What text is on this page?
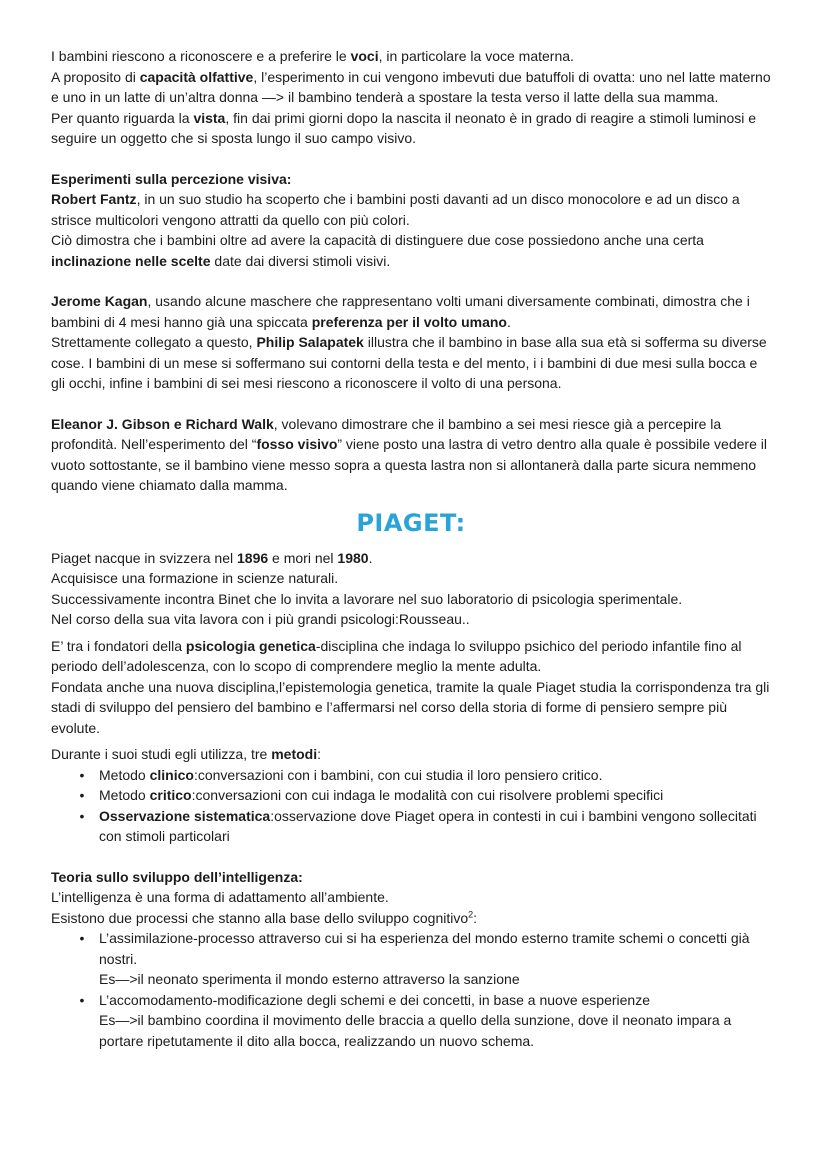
I bambini riescono a riconoscere e a preferire le voci, in particolare la voce materna.

A proposito di capacità olfattive, l’esperimento in cui vengono imbevuti due batuffoli di ovatta: uno nel latte materno e uno in un latte di un’altra donna —> il bambino tenderà a spostare la testa verso il latte della sua mamma.

Per quanto riguarda la vista, fin dai primi giorni dopo la nascita il neonato è in grado di reagire a stimoli luminosi e seguire un oggetto che si sposta lungo il suo campo visivo.

Esperimenti sulla percezione visiva:

Robert Fantz, in un suo studio ha scoperto che i bambini posti davanti ad un disco monocolore e ad un disco a strisce multicolori vengono attratti da quello con più colori.

Ciò dimostra che i bambini oltre ad avere la capacità di distinguere due cose possiedono anche una certa inclinazione nelle scelte date dai diversi stimoli visivi.

Jerome Kagan, usando alcune maschere che rappresentano volti umani diversamente combinati, dimostra che i bambini di 4 mesi hanno già una spiccata preferenza per il volto umano.

Strettamente collegato a questo, Philip Salapatek illustra che il bambino in base alla sua età si sofferma su diverse cose. I bambini di un mese si soffermano sui contorni della testa e del mento, i i bambini di due mesi sulla bocca e gli occhi, infine i bambini di sei mesi riescono a riconoscere il volto di una persona.

Eleanor J. Gibson e Richard Walk, volevano dimostrare che il bambino a sei mesi riesce già a percepire la profondità. Nell’esperimento del “fosso visivo” viene posto una lastra di vetro dentro alla quale è possibile vedere il vuoto sottostante, se il bambino viene messo sopra a questa lastra non si allontanerà dalla parte sicura nemmeno quando viene chiamato dalla mamma.

PIAGET:

Piaget nacque in svizzera nel 1896 e mori nel 1980.

Acquisisce una formazione in scienze naturali.

Successivamente incontra Binet che lo invita a lavorare nel suo laboratorio di psicologia sperimentale.

Nel corso della sua vita lavora con i più grandi psicologi:Rousseau..

E’ tra i fondatori della psicologia genetica-disciplina che indaga lo sviluppo psichico del periodo infantile fino al periodo dell’adolescenza, con lo scopo di comprendere meglio la mente adulta.

Fondata anche una nuova disciplina,l’epistemologia genetica, tramite la quale Piaget studia la corrispondenza tra gli stadi di sviluppo del pensiero del bambino e l’affermarsi nel corso della storia di forme di pensiero sempre più evolute.

Durante i suoi studi egli utilizza, tre metodi:

• Metodo clinico:conversazioni con i bambini, con cui studia il loro pensiero critico.
• Metodo critico:conversazioni con cui indaga le modalità con cui risolvere problemi specifici
• Osservazione sistematica:osservazione dove Piaget opera in contesti in cui i bambini vengono sollecitati con stimoli particolari

Teoria sullo sviluppo dell’intelligenza:

L’intelligenza è una forma di adattamento all’ambiente.

Esistono due processi che stanno alla base dello sviluppo cognitivo$^2$:

• L’assimilazione-processo attraverso cui si ha esperienza del mondo esterno tramite schemi o concetti già nostri.
Es—>il neonato sperimenta il mondo esterno attraverso la sanzione
• L’accomodamento-modificazione degli schemi e dei concetti, in base a nuove esperienze
Es—>il bambino coordina il movimento delle braccia a quello della sunzione, dove il neonato impara a portare ripetutamente il dito alla bocca, realizzando un nuovo schema.
